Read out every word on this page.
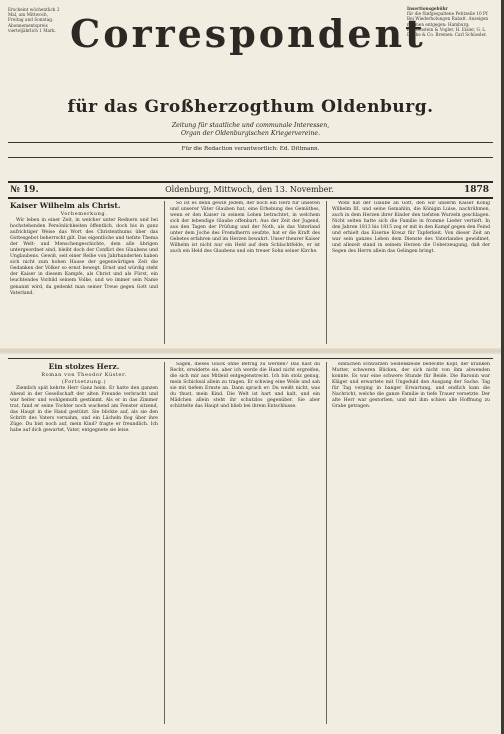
Erscheint wöchentlich 2 Mal, am Mittwoch, Freitag und Sonntag. Abonnementspreis vierteljährlich 1 Mark.
Insertionsgebühr
für die fünfgespaltene Petitzeile 10 Pf. Bei Wiederholungen Rabatt. Anzeigen nehmen entgegen: Hamburg: Haasenstein & Vogler, H. Eisler, G. L. Daube & Co. Bremen: Carl Schüssler.
Correspondent
für das Großherzogthum Oldenburg.
Zeitung für staatliche und communale Interessen,
Organ der Oldenburgischen Kriegervereine.
Für die Redaction verantwortlich: Ed. Dittmann.
№ 19.	Oldenburg, Mittwoch, den 13. November.	1878
Kaiser Wilhelm als Christ.
Vorbemerkung.

Wir leben in einer Zeit, in welcher unter Rednern und bei hochstehenden Persönlichkeiten öffentlich, doch bis in ganz aufrichtiger Weise das Wort des Christenthums über das Gottesgebot beherrscht gilt. Das eigentliche und tiefste Thema der Welt- und Menschengeschichte, dem alle übrigen untergeordnet sind, bleibt doch der Conflict des Glaubens und Unglaubens. Gewiß, seit einer Reihe von Jahrhunderten haben sich nicht zum hohen Hause der gegenwärtigen Zeit die Gedanken der Völker so ernst bewegt. Ernst und würdig steht der Kaiser in diesem Kampfe, als Christ und als Fürst, ein leuchtendes Vorbild seinem Volke, und wo immer sein Name genannt wird, da gedenkt man seiner Treue gegen Gott und Vaterland.

So ist es denn gewiß Jedem, der noch ein Herz für unseren und unserer Väter Glauben hat, eine Erhebung des Gemüthes, wenn er den Kaiser in seinem Leben betrachtet, in welchem sich der lebendige Glaube offenbart. Aus der Zeit der Jugend, aus den Tagen der Prüfung und der Noth, als das Vaterland unter dem Joche des Fremdherrn seufzte, hat er die Kraft des Gebetes erfahren und im Herzen bewahrt. Unser theurer Kaiser Wilhelm ist nicht nur ein Held auf dem Schlachtfelde, er ist auch ein Held des Glaubens und ein treuer Sohn seiner Kirche.

Wohl hat der Glaube an Gott, den wir unserm Kaiser König Wilhelm III. und seine Gemahlin, die Königin Luise, nachrühmen, auch in dem Herzen ihrer Kinder den tiefsten Wurzeln geschlagen. Nicht selten hatte sich die Familie in fromme Lieder vertieft. In den Jahren 1813 bis 1815 zog er mit in den Kampf gegen den Feind und erhielt das Eiserne Kreuz für Tapferkeit. Von dieser Zeit an war sein ganzes Leben dem Dienste des Vaterlandes gewidmet, und allezeit stand in seinem Herzen die Ueberzeugung, daß der Segen des Herrn allein das Gelingen bringt.

Ein stolzes Herz.
Roman von Theodor Küster.
(Fortsetzung.)

Ziemlich spät kehrte Herr Ganz heim. Er hatte den ganzen Abend in der Gesellschaft der alten Freunde verbracht und war heiter und wohlgemuth gestimmt. Als er in das Zimmer trat, fand er seine Tochter noch wachend am Fenster sitzend, das Haupt in die Hand gestützt. Sie blickte auf, als sie den Schritt des Vaters vernahm, und ein Lächeln flog über ihre Züge. Du bist noch auf, mein Kind? fragte er freundlich. Ich habe auf dich gewartet, Vater, entgegnete sie leise.

Sagen, dieses Glück ohne Betrug zu werden? Das hast du Recht, erwiderte sie, aber ich werde die Hand nicht ergreifen, die sich mir aus Mitleid entgegenstreckt. Ich bin stolz genug, mein Schicksal allein zu tragen. Er schwieg eine Weile und sah sie mit tiefem Ernste an. Dann sprach er: Du weißt nicht, was du thust, mein Kind. Die Welt ist hart und kalt, und ein Mädchen allein steht ihr schutzlos gegenüber. Sie aber schüttelte das Haupt und blieb bei ihrem Entschlusse.

einfachen schwarzen Seidenkleide bedeckte Kopf, der kranken Mutter, schweren Blicken, der sich nicht von ihm abwenden konnte. Es war eine schwere Stunde für Beide. Die Baronin war Kläger und erwartete mit Ungeduld den Ausgang der Sache. Tag für Tag verging in banger Erwartung, und endlich kam die Nachricht, welche die ganze Familie in tiefe Trauer versetzte. Der alte Herr war gestorben, und mit ihm schien alle Hoffnung zu Grabe getragen.
